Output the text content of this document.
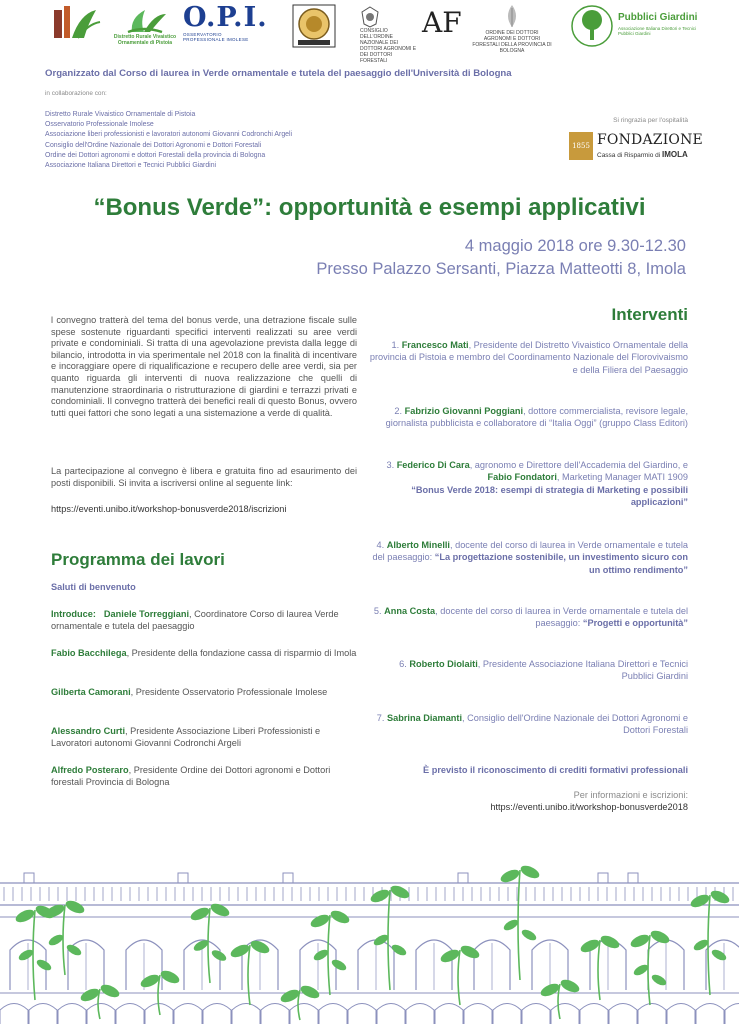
Distretto Rurale Vivaistico Ornamentale di Pistoia
O.P.I.
OSSERVATORIO PROFESSIONALE IMOLESE
CONSIGLIO DELL'ORDINE NAZIONALE DEI DOTTORI AGRONOMI E DEI DOTTORI FORESTALI
AF	ORDINE DEI DOTTORI AGRONOMI E DOTTORI FORESTALI DELLA PROVINCIA DI BOLOGNA
Pubblici Giardini
Associazione Italiana Direttori e Tecnici Pubblici Giardini
Organizzato dal Corso di laurea in Verde ornamentale e tutela del paesaggio dell'Università di Bologna
in collaborazione con:
Distretto Rurale Vivaistico Ornamentale di Pistoia
Osservatorio Professionale Imolese
Associazione liberi professionisti e lavoratori autonomi Giovanni Codronchi Argeli
Consiglio dell'Ordine Nazionale dei Dottori Agronomi e Dottori Forestali
Ordine dei Dottori agronomi e dottori Forestali della provincia di Bologna
Associazione Italiana Direttori e Tecnici Pubblici Giardini
Si ringrazia per l'ospitalità
1855 FONDAZIONE
Cassa di Risparmio di IMOLA
“Bonus Verde”: opportunità e esempi applicativi
4 maggio 2018 ore 9.30-12.30
Presso Palazzo Sersanti, Piazza Matteotti 8, Imola

l convegno tratterà del tema del bonus verde, una detrazione fiscale sulle spese sostenute riguardanti specifici interventi realizzati su aree verdi private e condominiali. Si tratta di una agevolazione prevista dalla legge di bilancio, introdotta in via sperimentale nel 2018 con la finalità di incentivare e incoraggiare opere di riqualificazione e recupero delle aree verdi, sia per quanto riguarda gli interventi di nuova realizzazione che quelli di manutenzione straordinaria o ristrutturazione di giardini e terrazzi privati e condominiali. Il convegno tratterà dei benefici reali di questo Bonus, ovvero tutti quei fattori che sono legati a una sistemazione a verde di qualità.

La partecipazione al convegno è libera e gratuita fino ad esaurimento dei posti disponibili. Si invita a iscriversi online al seguente link:

https://eventi.unibo.it/workshop-bonusverde2018/iscrizioni
Programma dei lavori
Saluti di benvenuto
Introduce: Daniele Torreggiani, Coordinatore Corso di laurea Verde ornamentale e tutela del paesaggio
Fabio Bacchilega, Presidente della fondazione cassa di risparmio di Imola
Gilberta Camorani, Presidente Osservatorio Professionale Imolese
Alessandro Curti, Presidente Associazione Liberi Professionisti e Lavoratori autonomi Giovanni Codronchi Argeli
Alfredo Posteraro, Presidente Ordine dei Dottori agronomi e Dottori forestali Provincia di Bologna
Interventi
1. Francesco Mati, Presidente del Distretto Vivaistico Ornamentale della provincia di Pistoia e membro del Coordinamento Nazionale del Florovivaismo e della Filiera del Paesaggio
2. Fabrizio Giovanni Poggiani, dottore commercialista, revisore legale, giornalista pubblicista e collaboratore di “Italia Oggi” (gruppo Class Editori)
3. Federico Di Cara, agronomo e Direttore dell'Accademia del Giardino, e Fabio Fondatori, Marketing Manager MATI 1909
“Bonus Verde 2018: esempi di strategia di Marketing e possibili applicazioni”
4. Alberto Minelli, docente del corso di laurea in Verde ornamentale e tutela del paesaggio: “La progettazione sostenibile, un investimento sicuro con un ottimo rendimento”
5. Anna Costa, docente del corso di laurea in Verde ornamentale e tutela del paesaggio: “Progetti e opportunità”
6. Roberto Diolaiti, Presidente Associazione Italiana Direttori e Tecnici Pubblici Giardini
7. Sabrina Diamanti, Consiglio dell'Ordine Nazionale dei Dottori Agronomi e Dottori Forestali
È previsto il riconoscimento di crediti formativi professionali
Per informazioni e iscrizioni:
https://eventi.unibo.it/workshop-bonusverde2018
